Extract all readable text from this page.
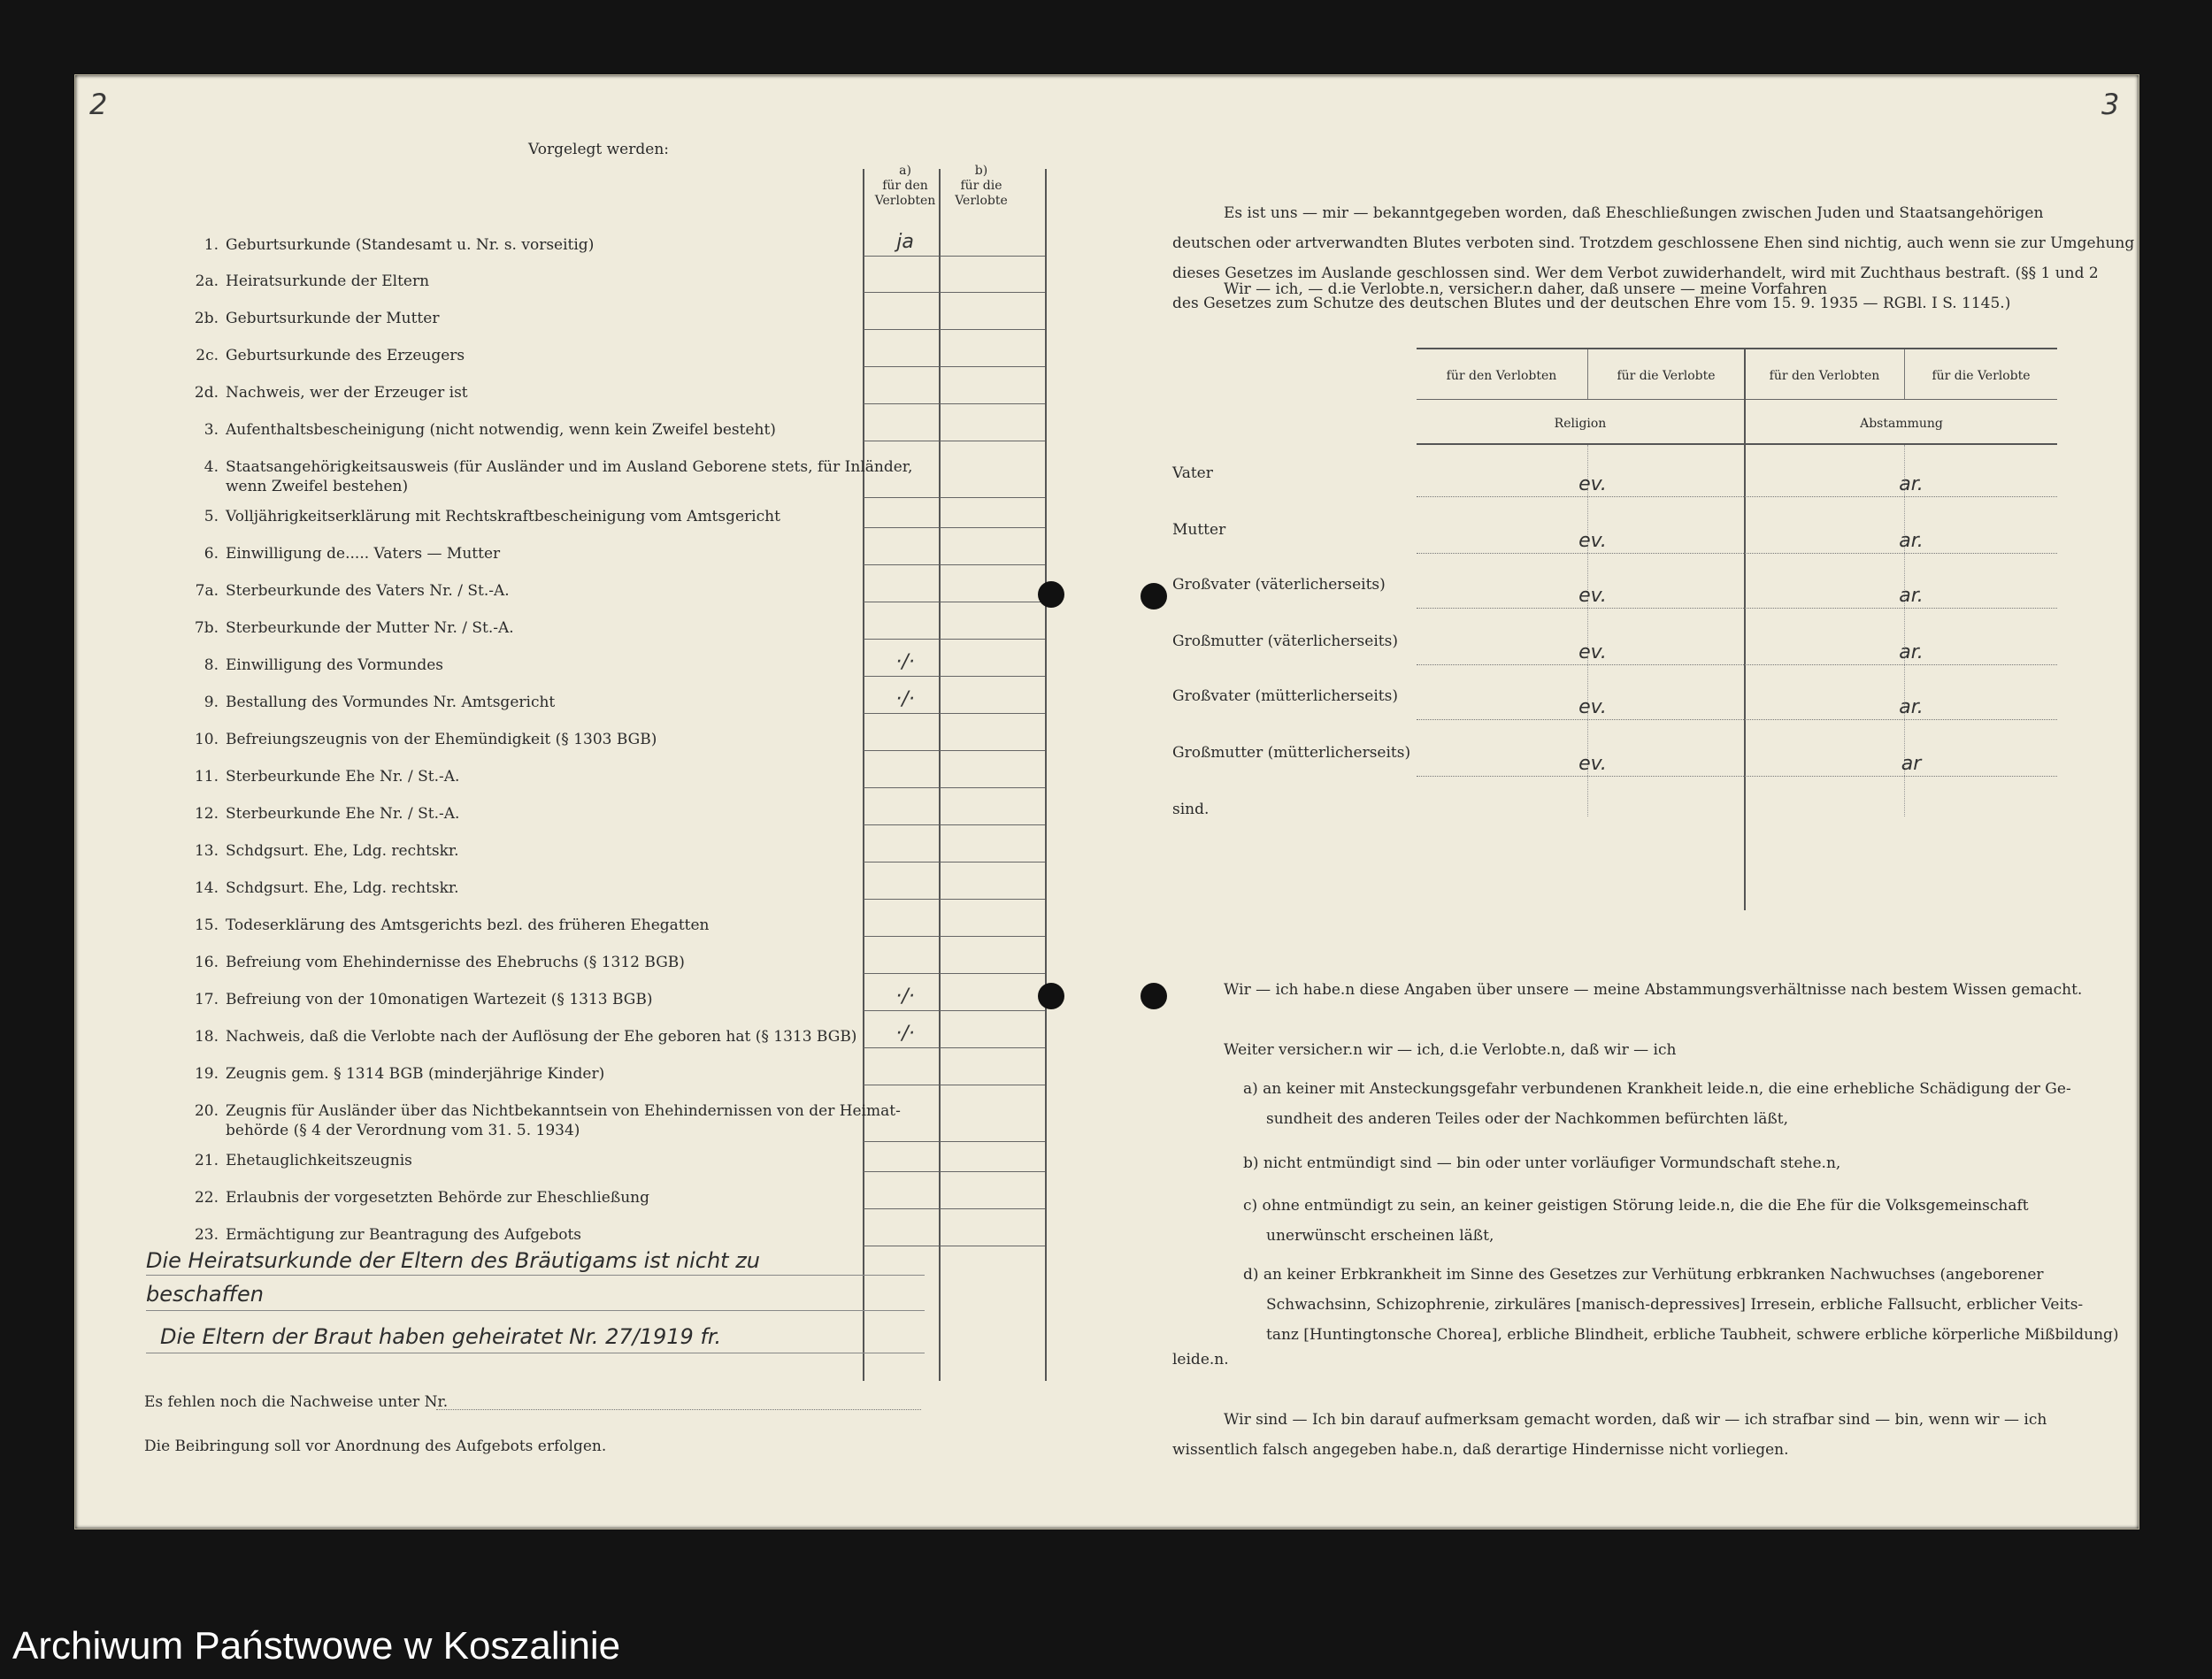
2	3
Vorgelegt werden:
a)
für den
Verlobten
b)
für die
Verlobte
1. Geburtsurkunde (Standesamt u. Nr. s. vorseitig)	ja
2a. Heiratsurkunde der Eltern
2b. Geburtsurkunde der Mutter
2c. Geburtsurkunde des Erzeugers
2d. Nachweis, wer der Erzeuger ist
3. Aufenthaltsbescheinigung (nicht notwendig, wenn kein Zweifel besteht)
4. Staatsangehörigkeitsausweis (für Ausländer und im Ausland Geborene stets, für Inländer,
wenn Zweifel bestehen)
5. Volljährigkeitserklärung mit Rechtskraftbescheinigung vom Amtsgericht
6. Einwilligung de..... Vaters — Mutter
7a. Sterbeurkunde des Vaters Nr. / St.-A.
7b. Sterbeurkunde der Mutter Nr. / St.-A.
8. Einwilligung des Vormundes	·/·
9. Bestallung des Vormundes Nr. Amtsgericht	·/·
10. Befreiungszeugnis von der Ehemündigkeit (§ 1303 BGB)
11. Sterbeurkunde Ehe Nr. / St.-A.
12. Sterbeurkunde Ehe Nr. / St.-A.
13. Schdgsurt. Ehe, Ldg. rechtskr.
14. Schdgsurt. Ehe, Ldg. rechtskr.
15. Todeserklärung des Amtsgerichts bezl. des früheren Ehegatten
16. Befreiung vom Ehehindernisse des Ehebruchs (§ 1312 BGB)
17. Befreiung von der 10monatigen Wartezeit (§ 1313 BGB)	·/·
18. Nachweis, daß die Verlobte nach der Auflösung der Ehe geboren hat (§ 1313 BGB)	·/·
19. Zeugnis gem. § 1314 BGB (minderjährige Kinder)
20. Zeugnis für Ausländer über das Nichtbekanntsein von Ehehindernissen von der Heimat-
behörde (§ 4 der Verordnung vom 31. 5. 1934)
21. Ehetauglichkeitszeugnis
22. Erlaubnis der vorgesetzten Behörde zur Eheschließung
23. Ermächtigung zur Beantragung des Aufgebots
Die Heiratsurkunde der Eltern des Bräutigams ist nicht zu
beschaffen
Die Eltern der Braut haben geheiratet Nr. 27/1919 fr.
Es fehlen noch die Nachweise unter Nr.
Die Beibringung soll vor Anordnung des Aufgebots erfolgen.
Es ist uns — mir — bekanntgegeben worden, daß Eheschließungen zwischen Juden und Staatsangehörigen
deutschen oder artverwandten Blutes verboten sind. Trotzdem geschlossene Ehen sind nichtig, auch wenn sie zur Umgehung
dieses Gesetzes im Auslande geschlossen sind. Wer dem Verbot zuwiderhandelt, wird mit Zuchthaus bestraft. (§§ 1 und 2
des Gesetzes zum Schutze des deutschen Blutes und der deutschen Ehre vom 15. 9. 1935 — RGBl. I S. 1145.)
Wir — ich, — d.ie Verlobte.n, versicher.n daher, daß unsere — meine Vorfahren
für den Verlobten	für die Verlobte	für den Verlobten	für die Verlobte
Religion	Abstammung
Vater	ev.	ar.
Mutter	ev.	ar.
Großvater (väterlicherseits)	ev.	ar.
Großmutter (väterlicherseits)	ev.	ar.
Großvater (mütterlicherseits)	ev.	ar.
Großmutter (mütterlicherseits)	ev.	ar
sind.
Wir — ich habe.n diese Angaben über unsere — meine Abstammungsverhältnisse nach bestem Wissen gemacht.
Weiter versicher.n wir — ich, d.ie Verlobte.n, daß wir — ich
a) an keiner mit Ansteckungsgefahr verbundenen Krankheit leide.n, die eine erhebliche Schädigung der Ge-
sundheit des anderen Teiles oder der Nachkommen befürchten läßt,
b) nicht entmündigt sind — bin oder unter vorläufiger Vormundschaft stehe.n,
c) ohne entmündigt zu sein, an keiner geistigen Störung leide.n, die die Ehe für die Volksgemeinschaft
unerwünscht erscheinen läßt,
d) an keiner Erbkrankheit im Sinne des Gesetzes zur Verhütung erbkranken Nachwuchses (angeborener
Schwachsinn, Schizophrenie, zirkuläres [manisch-depressives] Irresein, erbliche Fallsucht, erblicher Veits-
tanz [Huntingtonsche Chorea], erbliche Blindheit, erbliche Taubheit, schwere erbliche körperliche Mißbildung)
leide.n.
Wir sind — Ich bin darauf aufmerksam gemacht worden, daß wir — ich strafbar sind — bin, wenn wir — ich
wissentlich falsch angegeben habe.n, daß derartige Hindernisse nicht vorliegen.
Archiwum Państwowe w Koszalinie
